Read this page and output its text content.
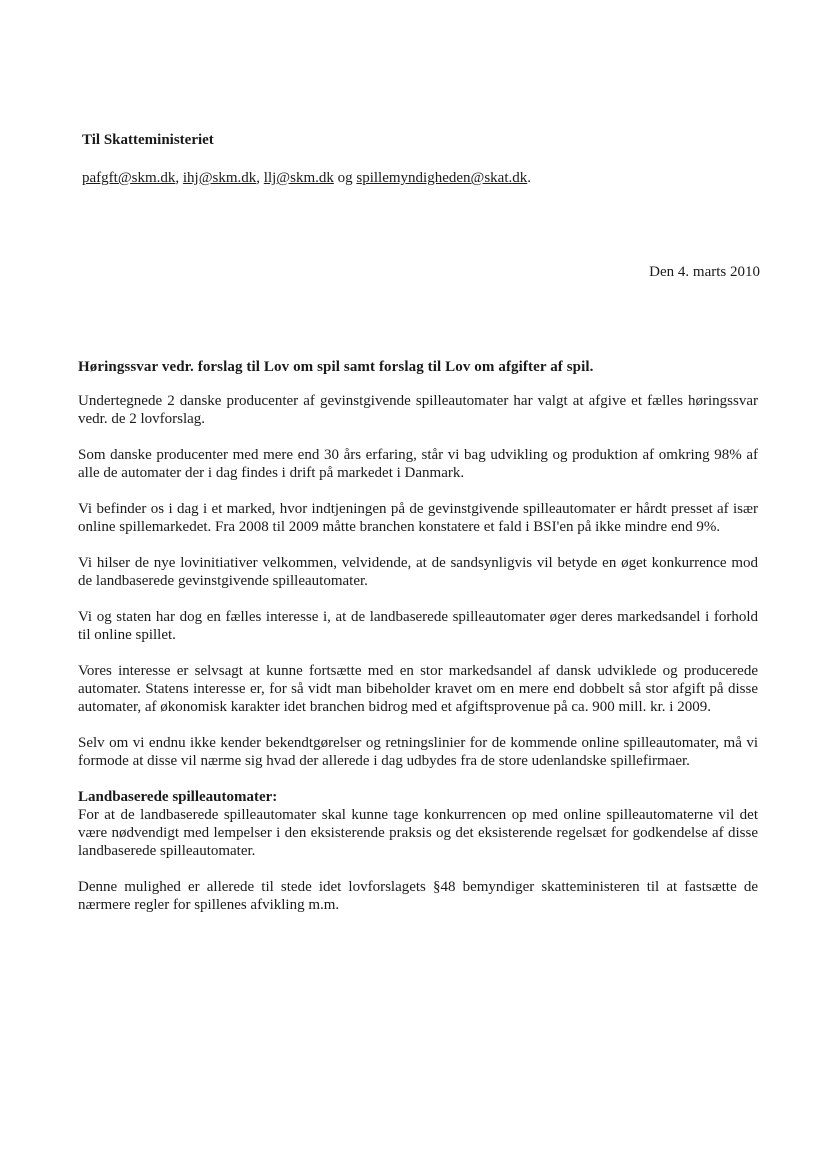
Til Skatteministeriet

pafgft@skm.dk, ihj@skm.dk, llj@skm.dk og spillemyndigheden@skat.dk.

Den 4. marts 2010

Høringssvar vedr. forslag til Lov om spil samt forslag til Lov om afgifter af spil.

Undertegnede 2 danske producenter af gevinstgivende spilleautomater har valgt at afgive et fælles høringssvar vedr. de 2 lovforslag.

Som danske producenter med mere end 30 års erfaring, står vi bag udvikling og produktion af omkring 98% af alle de automater der i dag findes i drift på markedet i Danmark.

Vi befinder os i dag i et marked, hvor indtjeningen på de gevinstgivende spilleautomater er hårdt presset af især online spillemarkedet. Fra 2008 til 2009 måtte branchen konstatere et fald i BSI'en på ikke mindre end 9%.

Vi hilser de nye lovinitiativer velkommen, velvidende, at de sandsynligvis vil betyde en øget konkurrence mod de landbaserede gevinstgivende spilleautomater.

Vi og staten har dog en fælles interesse i, at de landbaserede spilleautomater øger deres markedsandel i forhold til online spillet.

Vores interesse er selvsagt at kunne fortsætte med en stor markedsandel af dansk udviklede og producerede automater. Statens interesse er, for så vidt man bibeholder kravet om en mere end dobbelt så stor afgift på disse automater, af økonomisk karakter idet branchen bidrog med et afgiftsprovenue på ca. 900 mill. kr. i 2009.

Selv om vi endnu ikke kender bekendtgørelser og retningslinier for de kommende online spilleautomater, må vi formode at disse vil nærme sig hvad der allerede i dag udbydes fra de store udenlandske spillefirmaer.

Landbaserede spilleautomater:

For at de landbaserede spilleautomater skal kunne tage konkurrencen op med online spilleautomaterne vil det være nødvendigt med lempelser i den eksisterende praksis og det eksisterende regelsæt for godkendelse af disse landbaserede spilleautomater.

Denne mulighed er allerede til stede idet lovforslagets §48 bemyndiger skatteministeren til at fastsætte de nærmere regler for spillenes afvikling m.m.
